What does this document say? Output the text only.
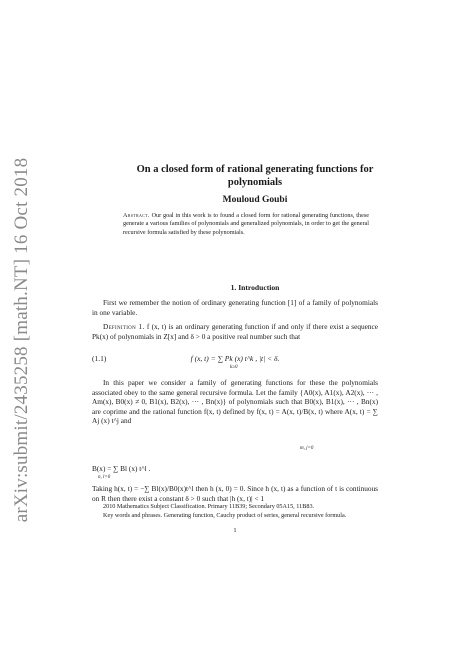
arXiv:submit/2435258 [math.NT] 16 Oct 2018	On a closed form of rational generating functions for
polynomials
Mouloud Goubi
Abstract. Our goal in this work is to found a closed form for rational generating functions, these generate a various families of polynomials and generalized polynomials, in order to get the general recursive formula satisfied by these polynomials.
1. Introduction
First we remember the notion of ordinary generating function [1] of a family of polynomials in one variable.
Definition 1. f (x, t) is an ordinary generating function if and only if there exist a sequence Pk(x) of polynomials in Z[x] and δ > 0 a positive real number such that
(1.1)	f (x, t) = ∑ Pk (x) t^k , |t| < δ.
k≥0
In this paper we consider a family of generating functions for these the polynomials associated obey to the same general recursive formula. Let the family {A0(x), A1(x), A2(x), ··· , Am(x), B0(x) ≠ 0, B1(x), B2(x), ··· , Bn(x)} of polynomials such that B0(x), B1(x), ··· , Bn(x) are coprime and the rational function f(x, t) defined by f(x, t) = A(x, t)/B(x, t) where A(x, t) = ∑ Aj (x) t^j and
m, j=0
B(x) = ∑ Bl (x) t^l .
n, l=0
Taking h(x, t) = −∑ Bl(x)/B0(x)t^l then h (x, 0) = 0. Since h (x, t) as a function of t is continuous on R then there exist a constant δ > 0 such that |h (x, t)| < 1
2010 Mathematics Subject Classification. Primary 11B39; Secondary 05A15, 11B83.
Key words and phrases. Generating function, Cauchy product of series, general recursive formula.
1
